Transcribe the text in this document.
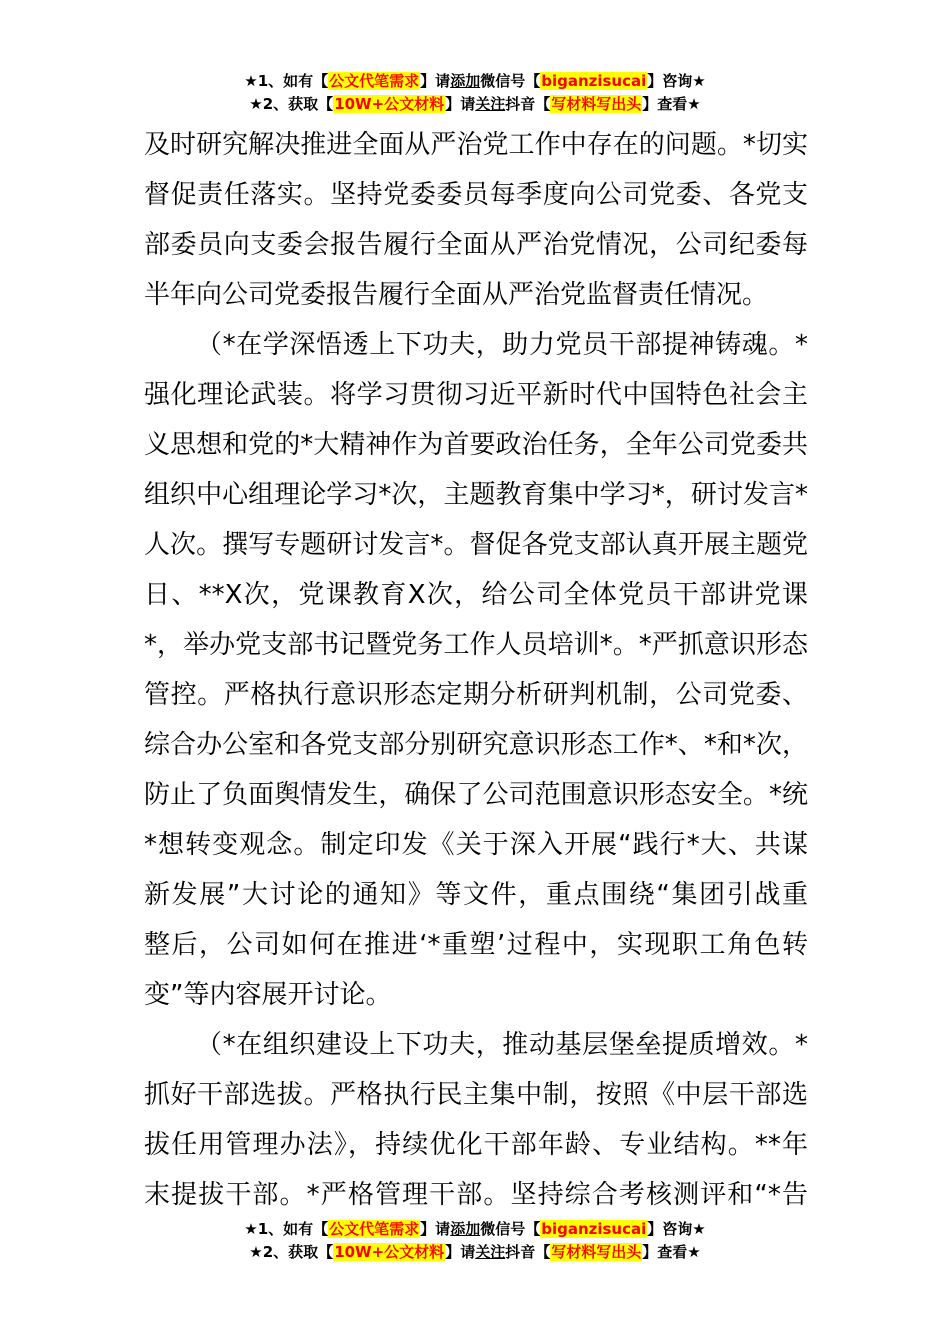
★1、如有【公文代笔需求】请添加微信号【biganzisucai】咨询★
★2、获取【10W+公文材料】请关注抖音【写材料写出头】查看★
及时研究解决推进全面从严治党工作中存在的问题。*切实
督促责任落实。坚持党委委员每季度向公司党委、各党支
部委员向支委会报告履行全面从严治党情况，公司纪委每
半年向公司党委报告履行全面从严治党监督责任情况。
（*在学深悟透上下功夫，助力党员干部提神铸魂。*
强化理论武装。将学习贯彻习近平新时代中国特色社会主
义思想和党的*大精神作为首要政治任务，全年公司党委共
组织中心组理论学习*次，主题教育集中学习*，研讨发言*
人次。撰写专题研讨发言*。督促各党支部认真开展主题党
日、**X次，党课教育X次，给公司全体党员干部讲党课
*，举办党支部书记暨党务工作人员培训*。*严抓意识形态
管控。严格执行意识形态定期分析研判机制，公司党委、
综合办公室和各党支部分别研究意识形态工作*、*和*次，
防止了负面舆情发生，确保了公司范围意识形态安全。*统
*想转变观念。制定印发《关于深入开展“践行*大、共谋
新发展”大讨论的通知》等文件，重点围绕“集团引战重
整后，公司如何在推进‘*重塑’过程中，实现职工角色转
变”等内容展开讨论。
（*在组织建设上下功夫，推动基层堡垒提质增效。*
抓好干部选拔。严格执行民主集中制，按照《中层干部选
拔任用管理办法》，持续优化干部年龄、专业结构。**年
末提拔干部。*严格管理干部。坚持综合考核测评和“*告
★1、如有【公文代笔需求】请添加微信号【biganzisucai】咨询★
★2、获取【10W+公文材料】请关注抖音【写材料写出头】查看★
